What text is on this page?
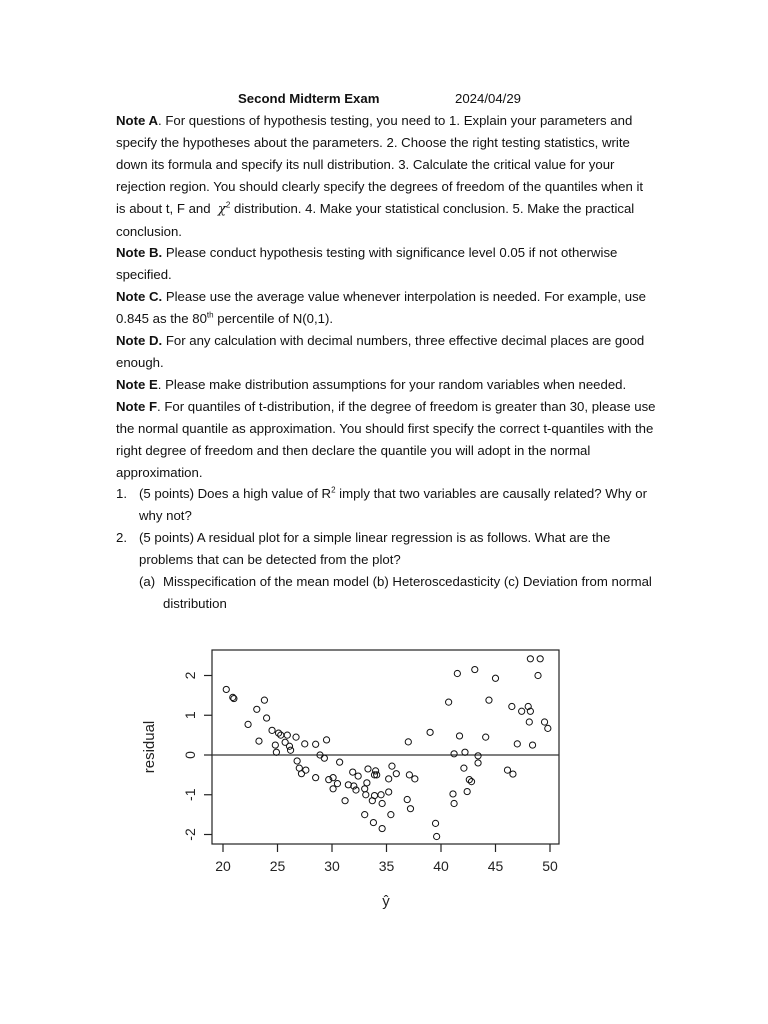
Second Midterm Exam	2024/04/29

Note A. For questions of hypothesis testing, you need to 1. Explain your parameters and specify the hypotheses about the parameters. 2. Choose the right testing statistics, write down its formula and specify its null distribution. 3. Calculate the critical value for your rejection region. You should clearly specify the degrees of freedom of the quantiles when it is about t, F and $\chi^2$ distribution. 4. Make your statistical conclusion. 5. Make the practical conclusion.

Note B. Please conduct hypothesis testing with significance level 0.05 if not otherwise specified.

Note C. Please use the average value whenever interpolation is needed. For example, use 0.845 as the 80th percentile of N(0,1).

Note D. For any calculation with decimal numbers, three effective decimal places are good enough.

Note E. Please make distribution assumptions for your random variables when needed.

Note F. For quantiles of t-distribution, if the degree of freedom is greater than 30, please use the normal quantile as approximation. You should first specify the correct t-quantiles with the right degree of freedom and then declare the quantile you will adopt in the normal approximation.

1. (5 points) Does a high value of $R^2$ imply that two variables are causally related? Why or why not?

2. (5 points) A residual plot for a simple linear regression is as follows. What are the problems that can be detected from the plot?

(a) Misspecification of the mean model (b) Heteroscedasticity (c) Deviation from normal distribution

20	25	30	35	40	45	50
-2
-1
0
1
2
ŷ
residual
